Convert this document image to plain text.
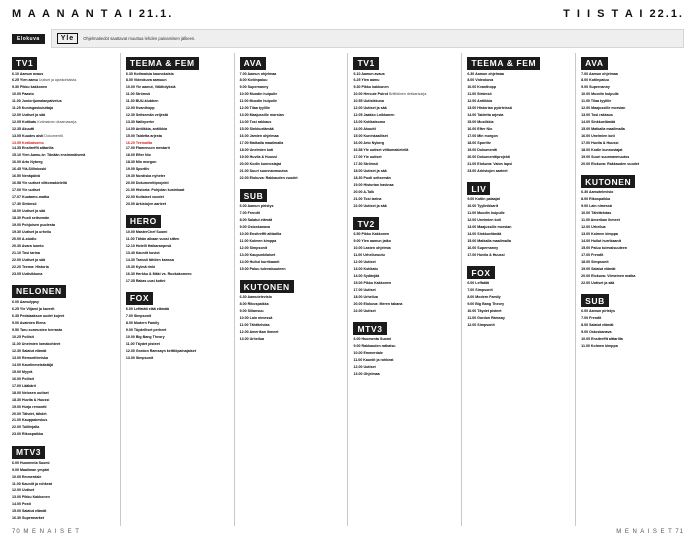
M A A N A N T A I 21.1.	T I I S T A I 22.1.
Elokuva	Yle	Ohjelmatiedot saattavat muuttua lehden painamisen jälkeen.
TV1

6.10 Aamun avaus

6.25 Ylen aamu Uutiset ja ajankohtaista.

9.30 Pikku kakkonen

10.00 Paasto

11.00 Juniorijumalanpalvelus

11.25 Kuningaskuluttaja

12.00 Uutiset ja sää

12.05 Kotikatu Kotimainen draamasarja.

12.35 Akuutti

13.05 Kuudes aisti Dokumentti.

13.55 Kotikatsomo

14.35 Ensitreffit alttarilla

15.10 Ylen Aamu-tv: Tänään ensimmäisenä

16.00 Arto Nyberg

16.45 Ylä-Siilinkoski

16.50 Nenäpäivä

16.58 Yle uutiset viittomakielellä

17.00 Yle uutiset

17.07 Kuutamo-matka

17.30 Strömsö

18.00 Uutiset ja sää

18.30 Puoli seitsemän

19.00 Pohjoisen puolesta

19.30 Uutiset ja urheilu

20.00 A-studio

20.30 Avara luonto

21.10 Tosi tarina

22.00 Uutiset ja sää

22.20 Teema: Historia

23.05 Uutisikkuna

NELONEN

6.00 Aamulypsy

6.25 Yle Viljami ja kaverit

6.35 Pedalaakson uudet kujeet

9.00 Avainten Elena

9.50 Taru sormusten herrasta

10.25 Poliisit

11.00 Unelmien lomakohteet

12.30 Salatut elämät

13.00 Remonttireiska

14.00 Kauriinmetsästäjä

15.00 Myyrä

16.00 Poliisit

17.00 Lääkärit

18.00 Nelosen uutiset

18.30 Huvila & Huussi

19.00 Hurja remontti

20.00 Tähdet, tähdet

21.00 Kauppakeskus

22.00 Tulilinjalla

23.00 Rikospaikka

MTV3

6.00 Huomenta Suomi

9.00 Maailman ympäri

10.00 Emmerdale

11.00 Kauniit ja rohkeat

12.00 Uutiset

13.00 Pikku Kakkonen

14.00 Posti

15.00 Salatut elämät

16.30 Supermarket

TEEMA & FEM

6.30 Kotimaisia kaunokaisia

8.00 Videokuva aamuun

10.00 Yle aamut, Välähdyksiä

11.00 Strömsö

11.30 BUU-klubben

12.00 Kvanthopp

12.30 Seitsemän veljestä

13.30 Nalleperhe

14.00 Antiikkia, antiikkia

15.00 Taidetta arjesta

16.20 Teemailta

17.00 Flamencon mestarit

18.00 Efter Nio

18.30 Min morgon

19.00 Sportliv

19.30 Nordiska nyheter

20.00 Dokumenttiprojekti

21.00 Historia: Pohjolan kuninkaat

22.00 Kultaiset vuodet

23.00 Arkistojen aarteet

HERO

10.00 MasterChef Suomi

11.00 Tähän aikaan vuosi sitten

12.10 Hotelli Haikaranpesä

13.40 Kauniit kuviot

14.30 Tanssii tähtien kanssa

15.30 Kylmä rinki

16.30 Herkku & Mäki vs. Ruokakomero

17.35 Rakas uusi kotini

FOX

6.00 Leffatäti elää elämää

7.00 Simpsonit

8.00 Modern Family

9.00 Täydelliset perheet

10.00 Big Bang Theory

11.00 Täydet pisteet

12.00 Gordon Ramsayn keittiöpainajaiset

13.00 Simpsonit

AVA

7.00 Aamun ohjelmaa

8.00 Kotiinpaluu

9.00 Supernanny

10.00 Muodin huipulle

11.00 Muodin huipulle

12.00 Tilaa tyylille

13.00 Maajussille morsian

14.00 Tosi rakkaus

15.00 Sinkkuelämää

16.00 Jamien ohjelmaa

17.00 Matkalla maailmalla

18.00 Unelmien koti

19.00 Huvila & Huussi

20.00 Kodin kunnostajat

21.00 Suuri suunnanmuutos

22.00 Elokuva: Rakkauden vuodet

SUB

6.00 Aamun piristys

7.00 Frendit

8.00 Salatut elämät

9.00 Ostoskanava

10.00 Ensitreffit alttarilla

11.00 Kolmen kimppa

12.00 Simpsonit

13.00 Kaupunkilaiset

14.00 Hullut hurrikaanit

15.00 Paluu tulevaisuuteen

KUTONEN

6.30 Aamutelevisio

8.00 Rikospaikka

9.00 Sillansuu

10.00 Lain nimessä

11.00 Tähtitehdas

12.00 Amerikan ihmeet

13.00 Urheilua

TV1

6.10 Aamun avaus

6.25 Ylen aamu

9.30 Pikku kakkonen

10.00 Hercule Poirot Brittiläinen dekkarisarja.

10.55 Uutisikkuna

12.00 Uutiset ja sää

12.05 Jaakko Loikkanen

13.00 Kotikatsomo

14.00 Akuutti

15.00 Kuninkaalliset

16.00 Arto Nyberg

16.58 Yle uutiset viittomakielellä

17.00 Yle uutiset

17.30 Strömsö

18.00 Uutiset ja sää

18.30 Puoli seitsemän

19.00 Historian havinaa

20.00 A-Talk

21.00 Tosi tarina

22.00 Uutiset ja sää

TV2

6.50 Pikku Kakkonen

9.00 Ylen aamun jatko

10.00 Lasten ohjelmia

11.00 Urheiluruutu

12.00 Uutiset

13.00 Kotikatu

14.00 Sydänjää

15.00 Pikku Kakkonen

17.00 Uutiset

18.00 Urheilua

20.00 Elokuva: Meren takana

22.00 Uutiset

MTV3

6.00 Huomenta Suomi

9.00 Rakkauden ratkaisu

10.00 Emmerdale

11.00 Kauniit ja rohkeat

12.00 Uutiset

13.00 Ohjelmaa

TEEMA & FEM

6.30 Aamun ohjelmaa

8.00 Videokuva

10.00 Kvanthopp

11.00 Strömsö

12.00 Antiikkia

13.00 Historian pyörteissä

14.00 Taidetta arjesta

15.00 Musiikkia

16.00 Efter Nio

17.00 Min morgon

18.00 Sportliv

19.00 Dokumentti

20.00 Dokumenttiprojekti

21.00 Elokuva: Valon lapsi

23.00 Arkistojen aarteet

LIV

9.00 Kotiin palaajat

10.00 Tyylinikkarit

11.00 Muodin huipulle

12.00 Unelmien koti

13.00 Maajussille morsian

14.00 Sinkkuelämää

15.00 Matkalla maailmalla

16.00 Supernanny

17.00 Huvila & Huussi

FOX

6.00 Leffatäti

7.00 Simpsonit

8.00 Modern Family

9.00 Big Bang Theory

10.00 Täydet pisteet

11.00 Gordon Ramsay

12.00 Simpsonit

AVA

7.00 Aamun ohjelmaa

8.00 Kotiinpaluu

9.00 Supernanny

10.00 Muodin huipulle

11.00 Tilaa tyylille

12.00 Maajussille morsian

13.00 Tosi rakkaus

14.00 Sinkkuelämää

15.00 Matkalla maailmalla

16.00 Unelmien koti

17.00 Huvila & Huussi

18.00 Kodin kunnostajat

19.00 Suuri suunnanmuutos

20.00 Elokuva: Rakkauden vuodet

KUTONEN

6.30 Aamutelevisio

8.00 Rikospaikka

9.00 Lain nimessä

10.00 Tähtitehdas

11.00 Amerikan ihmeet

12.00 Urheilua

13.00 Kolmen kimppa

14.00 Hullut hurrikaanit

15.00 Paluu tulevaisuuteen

17.00 Frendit

18.00 Simpsonit

19.00 Salatut elämät

20.00 Elokuva: Viimeinen matka

22.00 Uutiset ja sää

SUB

6.00 Aamun piristys

7.00 Frendit

8.00 Salatut elämät

9.00 Ostoskanava

10.00 Ensitreffit alttarilla

11.00 Kolmen kimppa

70 M E N A I S E T	M E N A I S E T 71
